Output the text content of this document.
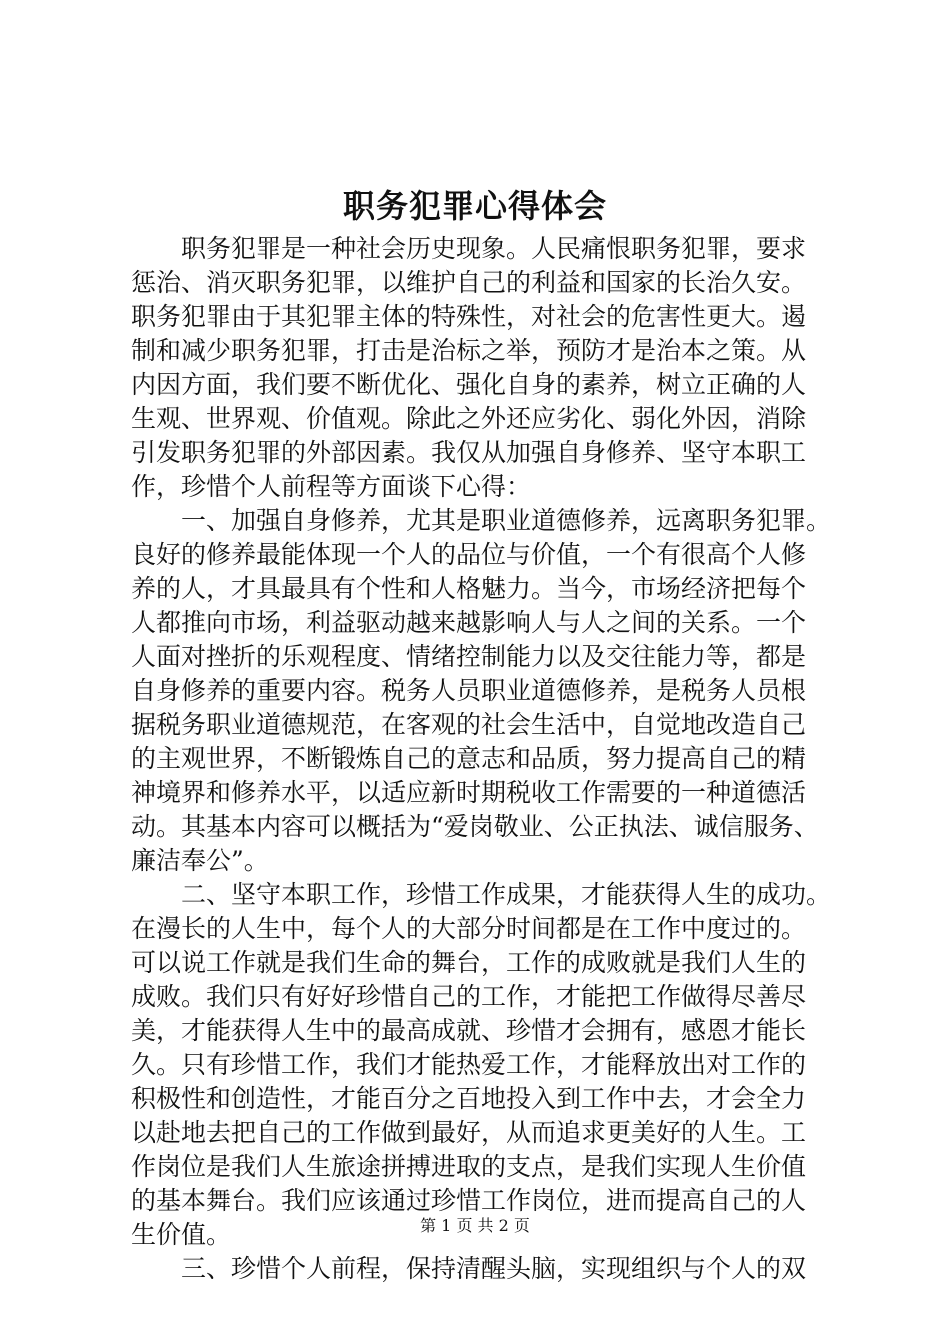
职务犯罪心得体会
职务犯罪是一种社会历史现象。人民痛恨职务犯罪，要求
惩治、消灭职务犯罪，以维护自己的利益和国家的长治久安。
职务犯罪由于其犯罪主体的特殊性，对社会的危害性更大。遏
制和减少职务犯罪，打击是治标之举，预防才是治本之策。从
内因方面，我们要不断优化、强化自身的素养，树立正确的人
生观、世界观、价值观。除此之外还应劣化、弱化外因，消除
引发职务犯罪的外部因素。我仅从加强自身修养、坚守本职工
作，珍惜个人前程等方面谈下心得：
一、加强自身修养，尤其是职业道德修养，远离职务犯罪。
良好的修养最能体现一个人的品位与价值，一个有很高个人修
养的人，才具最具有个性和人格魅力。当今，市场经济把每个
人都推向市场，利益驱动越来越影响人与人之间的关系。一个
人面对挫折的乐观程度、情绪控制能力以及交往能力等，都是
自身修养的重要内容。税务人员职业道德修养，是税务人员根
据税务职业道德规范，在客观的社会生活中，自觉地改造自己
的主观世界，不断锻炼自己的意志和品质，努力提高自己的精
神境界和修养水平，以适应新时期税收工作需要的一种道德活
动。其基本内容可以概括为“爱岗敬业、公正执法、诚信服务、
廉洁奉公”。
二、坚守本职工作，珍惜工作成果，才能获得人生的成功。
在漫长的人生中，每个人的大部分时间都是在工作中度过的。
可以说工作就是我们生命的舞台，工作的成败就是我们人生的
成败。我们只有好好珍惜自己的工作，才能把工作做得尽善尽
美，才能获得人生中的最高成就、珍惜才会拥有，感恩才能长
久。只有珍惜工作，我们才能热爱工作，才能释放出对工作的
积极性和创造性，才能百分之百地投入到工作中去，才会全力
以赴地去把自己的工作做到最好，从而追求更美好的人生。工
作岗位是我们人生旅途拼搏进取的支点，是我们实现人生价值
的基本舞台。我们应该通过珍惜工作岗位，进而提高自己的人
生价值。
三、珍惜个人前程，保持清醒头脑，实现组织与个人的双
第 1 页 共 2 页
